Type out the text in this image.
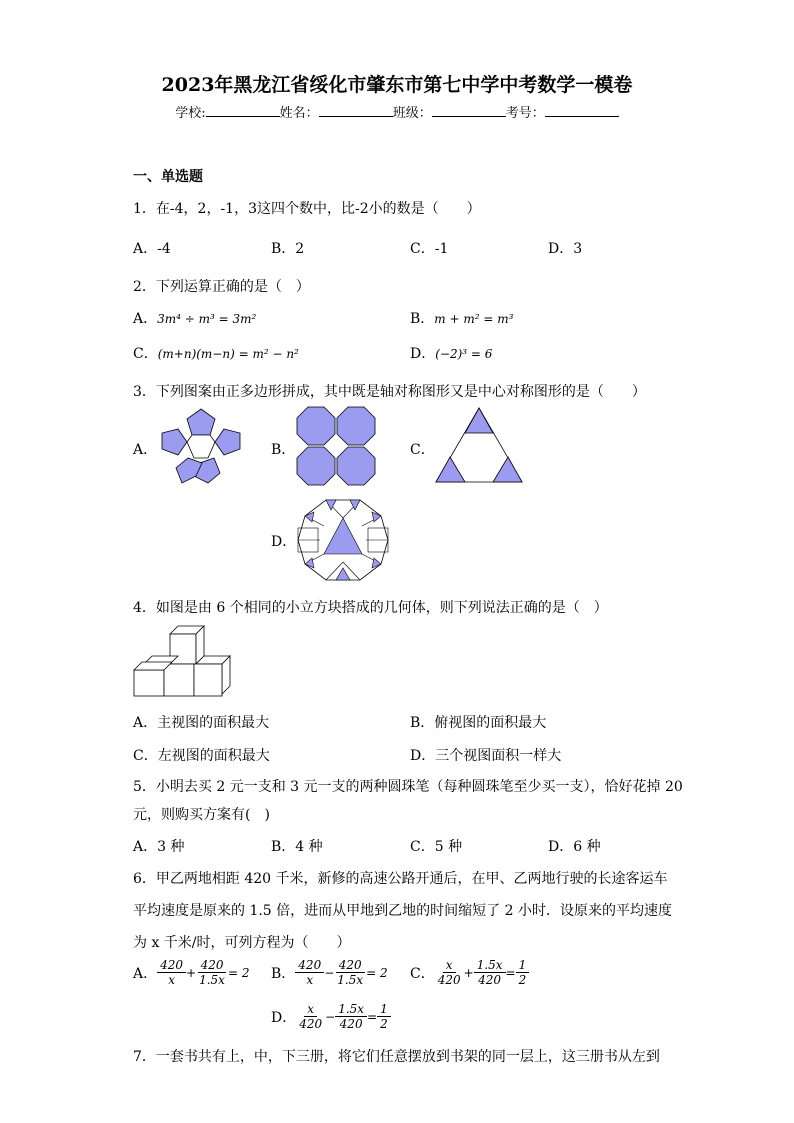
2023年黑龙江省绥化市肇东市第七中学中考数学一模卷
学校:	姓名：	班级：	考号：
一、单选题
1．在-4，2，-1，3这四个数中，比-2小的数是（　　）
A．-4	B．2	C．-1	D．3
2．下列运算正确的是（　）
A．3m⁴ ÷ m³ = 3m²	B．m + m² = m³
C．(m+n)(m−n) = m² − n²	D．(−2)³ = 6
3．下列图案由正多边形拼成，其中既是轴对称图形又是中心对称图形的是（　　）
A．	B．	C．
D．
4．如图是由 6 个相同的小立方块搭成的几何体，则下列说法正确的是（　）
A．主视图的面积最大	B．俯视图的面积最大
C．左视图的面积最大	D．三个视图面积一样大
5．小明去买 2 元一支和 3 元一支的两种圆珠笔（每种圆珠笔至少买一支），恰好花掉 20
元，则购买方案有(　)
A．3 种	B．4 种	C．5 种	D．6 种
6．甲乙两地相距 420 千米，新修的高速公路开通后，在甲、乙两地行驶的长途客运车
平均速度是原来的 1.5 倍，进而从甲地到乙地的时间缩短了 2 小时．设原来的平均速度
为 x 千米/时，可列方程为（　　）
A． $\frac{420}{x} + \frac{420}{1.5x} = 2$ B． $\frac{420}{x} - \frac{420}{1.5x} = 2$ C． $\frac{x}{420} + \frac{1.5x}{420} = \frac{1}{2}$
D． $\frac{x}{420} - \frac{1.5x}{420} = \frac{1}{2}$
7．一套书共有上，中，下三册，将它们任意摆放到书架的同一层上，这三册书从左到
